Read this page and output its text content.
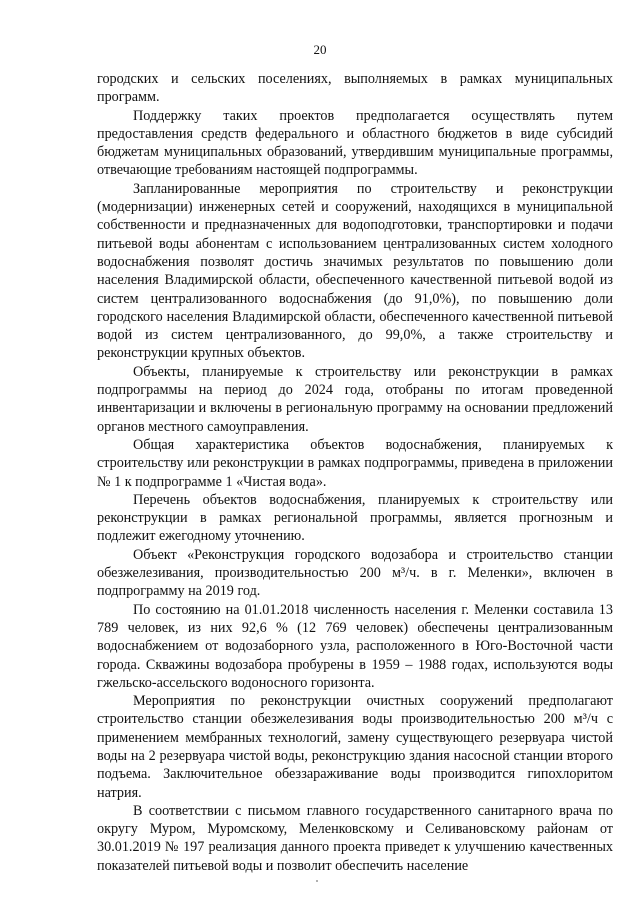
20

городских и сельских поселениях, выполняемых в рамках муниципальных программ.

Поддержку таких проектов предполагается осуществлять путем предоставления средств федерального и областного бюджетов в виде субсидий бюджетам муниципальных образований, утвердившим муниципальные программы, отвечающие требованиям настоящей подпрограммы.

Запланированные мероприятия по строительству и реконструкции (модернизации) инженерных сетей и сооружений, находящихся в муниципальной собственности и предназначенных для водоподготовки, транспортировки и подачи питьевой воды абонентам с использованием централизованных систем холодного водоснабжения позволят достичь значимых результатов по повышению доли населения Владимирской области, обеспеченного качественной питьевой водой из систем централизованного водоснабжения (до 91,0%), по повышению доли городского населения Владимирской области, обеспеченного качественной питьевой водой из систем централизованного, до 99,0%, а также строительству и реконструкции крупных объектов.

Объекты, планируемые к строительству или реконструкции в рамках подпрограммы на период до 2024 года, отобраны по итогам проведенной инвентаризации и включены в региональную программу на основании предложений органов местного самоуправления.

Общая характеристика объектов водоснабжения, планируемых к строительству или реконструкции в рамках подпрограммы, приведена в приложении № 1 к подпрограмме 1 «Чистая вода».

Перечень объектов водоснабжения, планируемых к строительству или реконструкции в рамках региональной программы, является прогнозным и подлежит ежегодному уточнению.

Объект «Реконструкция городского водозабора и строительство станции обезжелезивания, производительностью 200 м³/ч. в г. Меленки», включен в подпрограмму на 2019 год.

По состоянию на 01.01.2018 численность населения г. Меленки составила 13 789 человек, из них 92,6 % (12 769 человек) обеспечены централизованным водоснабжением от водозаборного узла, расположенного в Юго-Восточной части города. Скважины водозабора пробурены в 1959 – 1988 годах, используются воды гжельско-ассельского водоносного горизонта.

Мероприятия по реконструкции очистных сооружений предполагают строительство станции обезжелезивания воды производительностью 200 м³/ч с применением мембранных технологий, замену существующего резервуара чистой воды на 2 резервуара чистой воды, реконструкцию здания насосной станции второго подъема. Заключительное обеззараживание воды производится гипохлоритом натрия.

В соответствии с письмом главного государственного санитарного врача по округу Муром, Муромскому, Меленковскому и Селивановскому районам от 30.01.2019 № 197 реализация данного проекта приведет к улучшению качественных показателей питьевой воды и позволит обеспечить население
